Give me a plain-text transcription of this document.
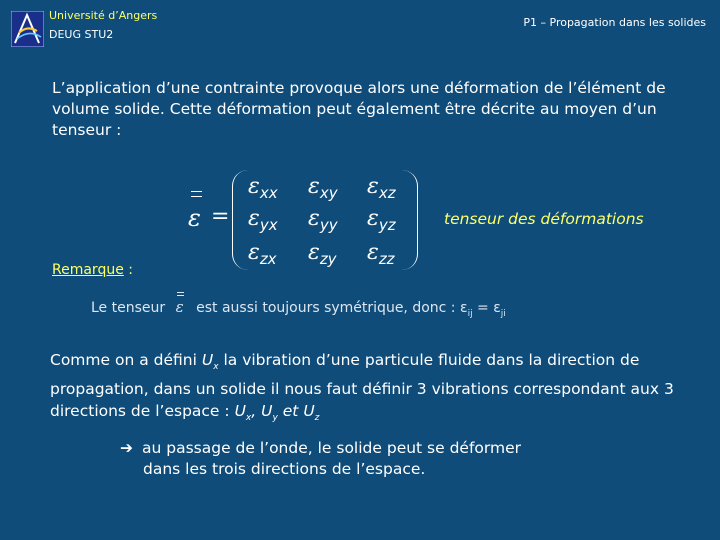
Université d’Angers
DEUG STU2
P1 – Propagation dans les solides
L’application d’une contrainte provoque alors une déformation de l’élément de volume solide. Cette déformation peut également être décrite au moyen d’un tenseur :
ε =
εxx εxy εxz
εyx εyy εyz
εzx εzy εzz
tenseur des déformations
Remarque :
Le tenseur ε est aussi toujours symétrique, donc : $\varepsilon_{ij} = \varepsilon_{ji}$
Comme on a défini $U_x$ la vibration d’une particule fluide dans la direction de propagation, dans un solide il nous faut définir 3 vibrations correspondant aux 3 directions de l’espace : $U_x$, $U_y$ et $U_z$
➔ au passage de l’onde, le solide peut se déformer
dans les trois directions de l’espace.
